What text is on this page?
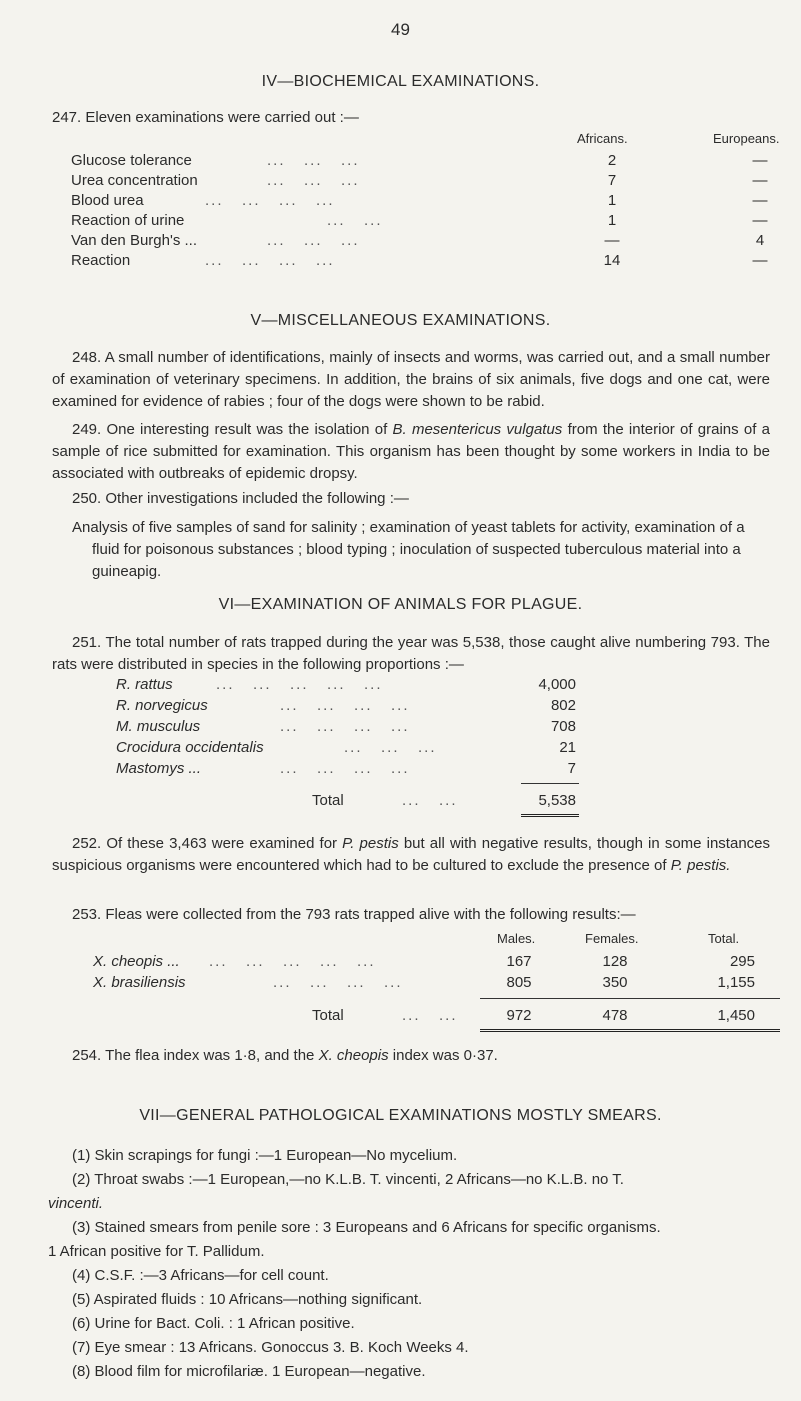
49
IV—BIOCHEMICAL EXAMINATIONS.
247. Eleven examinations were carried out :—
Africans.	Europeans.
Glucose tolerance	...   ...   ...	2	—
Urea concentration	...   ...   ...	7	—
Blood urea	...   ...   ...   ...	1	—
Reaction of urine	...   ...	1	—
Van den Burgh's ...	...   ...   ...	—	4
Reaction	...   ...   ...   ...	14	—
V—MISCELLANEOUS EXAMINATIONS.

248. A small number of identifications, mainly of insects and worms, was carried out, and a small number of examination of veterinary specimens. In addition, the brains of six animals, five dogs and one cat, were examined for evidence of rabies ; four of the dogs were shown to be rabid.

249. One interesting result was the isolation of B. mesentericus vulgatus from the interior of grains of a sample of rice submitted for examination. This organism has been thought by some workers in India to be associated with outbreaks of epidemic dropsy.

250. Other investigations included the following :—

Analysis of five samples of sand for salinity ; examination of yeast tablets for activity, examination of a fluid for poisonous substances ; blood typing ; inoculation of suspected tuberculous material into a guineapig.

VI—EXAMINATION OF ANIMALS FOR PLAGUE.

251. The total number of rats trapped during the year was 5,538, those caught alive numbering 793. The rats were distributed in species in the following proportions :—

R. rattus	...   ...   ...   ...   ...	4,000
R. norvegicus	...   ...   ...   ...	802
M. musculus	...   ...   ...   ...	708
Crocidura occidentalis	...   ...   ...	21
Mastomys ...	...   ...   ...   ...	7
Total	...   ...	5,538

252. Of these 3,463 were examined for P. pestis but all with negative results, though in some instances suspicious organisms were encountered which had to be cultured to exclude the presence of P. pestis.

253. Fleas were collected from the 793 rats trapped alive with the following results:—
Males.	Females.	Total.
X. cheopis ... ...   ...   ...   ...   ...	167	128	295
X. brasiliensis	...   ...   ...   ...	805	350	1,155
Total	...   ...	972	478	1,450
254. The flea index was 1·8, and the X. cheopis index was 0·37.
VII—GENERAL PATHOLOGICAL EXAMINATIONS MOSTLY SMEARS.

(1) Skin scrapings for fungi :—1 European—No mycelium.

(2) Throat swabs :—1 European,—no K.L.B. T. vincenti, 2 Africans—no K.L.B. no T.

vincenti.

(3) Stained smears from penile sore : 3 Europeans and 6 Africans for specific organisms.

1 African positive for T. Pallidum.

(4) C.S.F. :—3 Africans—for cell count.

(5) Aspirated fluids : 10 Africans—nothing significant.

(6) Urine for Bact. Coli. : 1 African positive.

(7) Eye smear : 13 Africans. Gonoccus 3. B. Koch Weeks 4.

(8) Blood film for microfilariæ. 1 European—negative.
